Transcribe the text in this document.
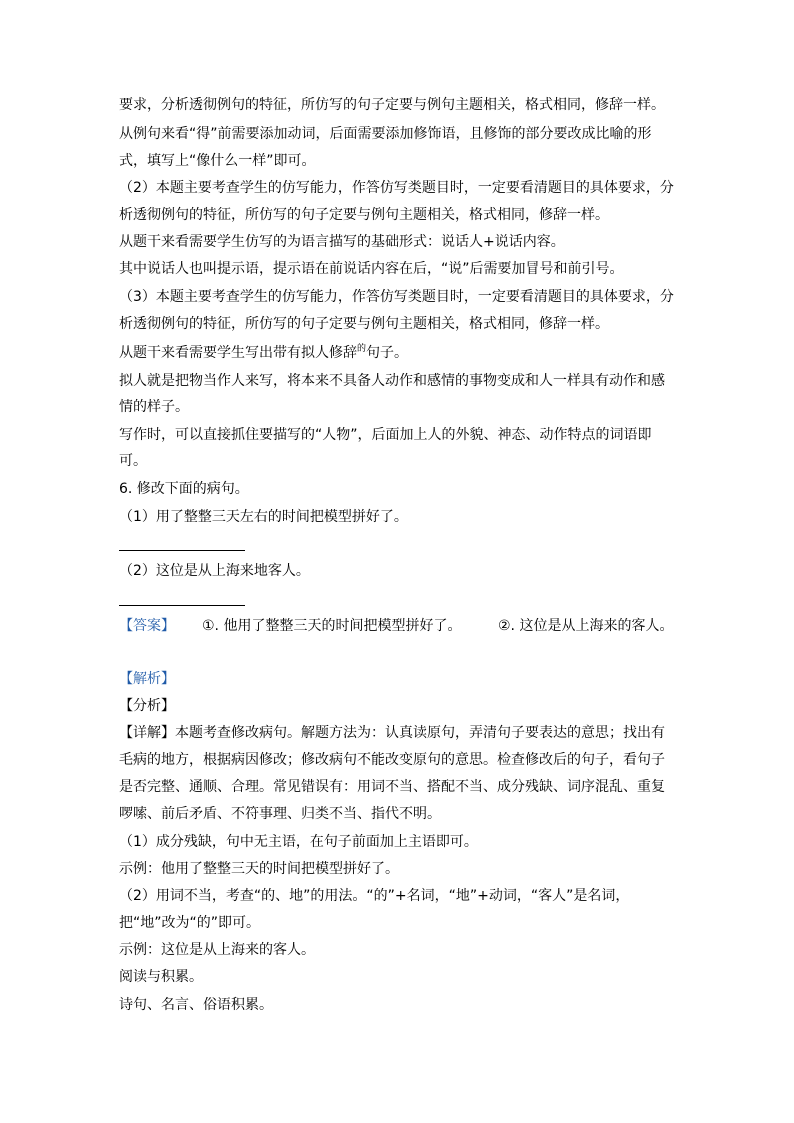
要求，分析透彻例句的特征，所仿写的句子定要与例句主题相关，格式相同，修辞一样。
从例句来看“得”前需要添加动词，后面需要添加修饰语，且修饰的部分要改成比喻的形
式，填写上“像什么一样”即可。
（2）本题主要考查学生的仿写能力，作答仿写类题目时，一定要看清题目的具体要求，分
析透彻例句的特征，所仿写的句子定要与例句主题相关，格式相同，修辞一样。
从题干来看需要学生仿写的为语言描写的基础形式：说话人+说话内容。
其中说话人也叫提示语，提示语在前说话内容在后，“说”后需要加冒号和前引号。
（3）本题主要考查学生的仿写能力，作答仿写类题目时，一定要看清题目的具体要求，分
析透彻例句的特征，所仿写的句子定要与例句主题相关，格式相同，修辞一样。
从题干来看需要学生写出带有拟人修辞$^的$句子。
拟人就是把物当作人来写，将本来不具备人动作和感情的事物变成和人一样具有动作和感
情的样子。
写作时，可以直接抓住要描写的“人物”，后面加上人的外貌、神态、动作特点的词语即
可。
6. 修改下面的病句。
（1）用了整整三天左右的时间把模型拼好了。
（2）这位是从上海来地客人。
【答案】 ①. 他用了整整三天的时间把模型拼好了。	②. 这位是从上海来的客人。
【解析】
【分析】
【详解】本题考查修改病句。解题方法为：认真读原句，弄清句子要表达的意思；找出有
毛病的地方，根据病因修改；修改病句不能改变原句的意思。检查修改后的句子，看句子
是否完整、通顺、合理。常见错误有：用词不当、搭配不当、成分残缺、词序混乱、重复
啰嗦、前后矛盾、不符事理、归类不当、指代不明。
（1）成分残缺，句中无主语，在句子前面加上主语即可。
示例：他用了整整三天的时间把模型拼好了。
（2）用词不当，考查“的、地”的用法。“的”+名词，“地”+动词，“客人”是名词，
把“地”改为“的”即可。
示例：这位是从上海来的客人。
阅读与积累。
诗句、名言、俗语积累。
